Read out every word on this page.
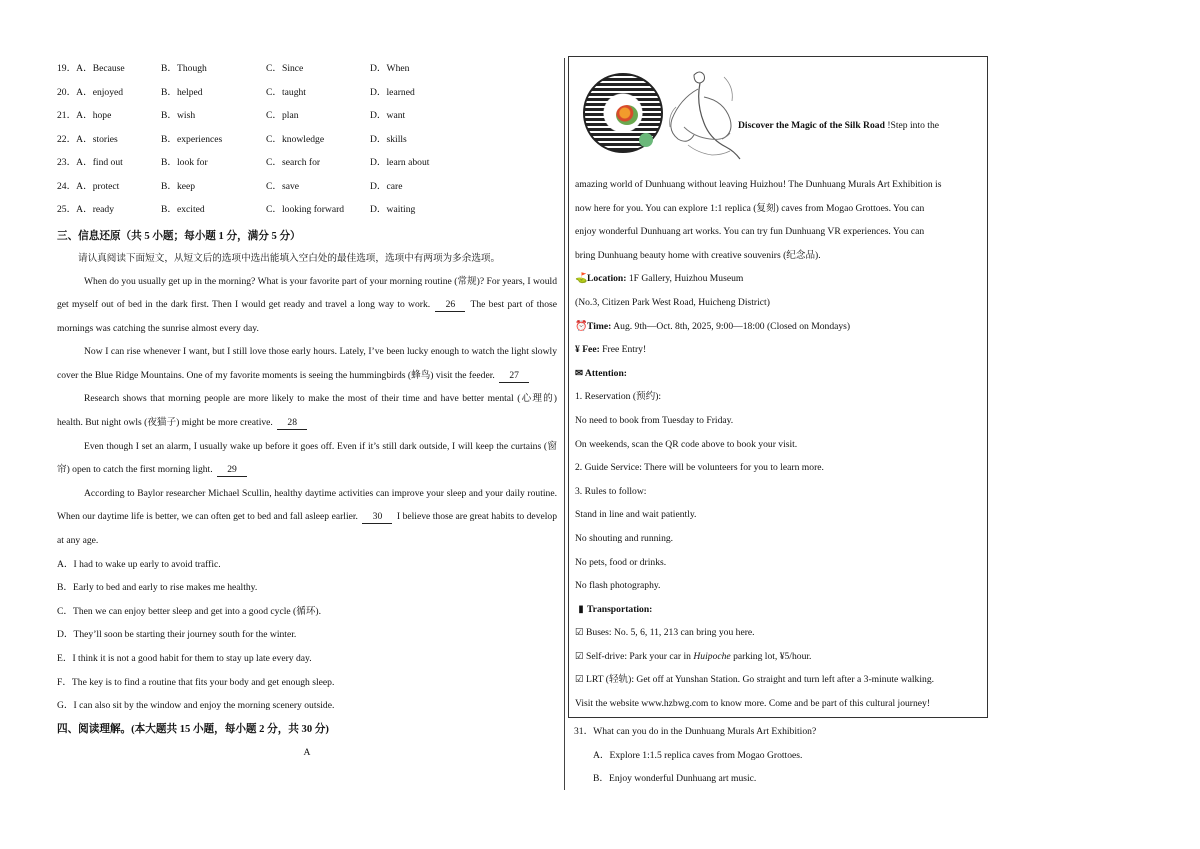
19．A．Because	B．Though	C．Since	D．When
20．A．enjoyed	B．helped	C．taught	D．learned
21．A．hope	B．wish	C．plan	D．want
22．A．stories	B．experiences	C．knowledge	D．skills
23．A．find out	B．look for	C．search for	D．learn about
24．A．protect	B．keep	C．save	D．care
25．A．ready	B．excited	C．looking forward	D．waiting
三、信息还原（共 5 小题；每小题 1 分，满分 5 分）
请认真阅读下面短文，从短文后的选项中选出能填入空白处的最佳选项，选项中有两项为多余选项。
When do you usually get up in the morning? What is your favorite part of your morning routine (常规)? For years, I would get myself out of bed in the dark first. Then I would get ready and travel a long way to work. 26 The best part of those mornings was catching the sunrise almost every day.
Now I can rise whenever I want, but I still love those early hours. Lately, I’ve been lucky enough to watch the light slowly cover the Blue Ridge Mountains. One of my favorite moments is seeing the hummingbirds (蜂鸟) visit the feeder. 27
Research shows that morning people are more likely to make the most of their time and have better mental (心理的) health. But night owls (夜猫子) might be more creative. 28
Even though I set an alarm, I usually wake up before it goes off. Even if it’s still dark outside, I will keep the curtains (窗帘) open to catch the first morning light. 29
According to Baylor researcher Michael Scullin, healthy daytime activities can improve your sleep and your daily routine. When our daytime life is better, we can often get to bed and fall asleep earlier. 30 I believe those are great habits to develop at any age.
A．I had to wake up early to avoid traffic.
B．Early to bed and early to rise makes me healthy.
C．Then we can enjoy better sleep and get into a good cycle (循环).
D．They’ll soon be starting their journey south for the winter.
E．I think it is not a good habit for them to stay up late every day.
F．The key is to find a routine that fits your body and get enough sleep.
G．I can also sit by the window and enjoy the morning scenery outside.
四、阅读理解。(本大题共 15 小题，每小题 2 分，共 30 分)
A
Discover the Magic of the Silk Road !Step into the
amazing world of Dunhuang without leaving Huizhou! The Dunhuang Murals Art Exhibition is
now here for you. You can explore 1:1 replica (复刻) caves from Mogao Grottoes. You can
enjoy wonderful Dunhuang art works. You can try fun Dunhuang VR experiences. You can
bring Dunhuang beauty home with creative souvenirs (纪念品).
⛳Location: 1F Gallery, Huizhou Museum
(No.3, Citizen Park West Road, Huicheng District)
⏰Time: Aug. 9th—Oct. 8th, 2025, 9:00—18:00 (Closed on Mondays)
¥ Fee: Free Entry!
✉ Attention:
1. Reservation (预约):
No need to book from Tuesday to Friday.
On weekends, scan the QR code above to book your visit.
2. Guide Service: There will be volunteers for you to learn more.
3. Rules to follow:
Stand in line and wait patiently.
No shouting and running.
No pets, food or drinks.
No flash photography.
▮ Transportation:
☑ Buses: No. 5, 6, 11, 213 can bring you here.
☑ Self-drive: Park your car in Huipoche parking lot, ¥5/hour.
☑ LRT (轻轨): Get off at Yunshan Station. Go straight and turn left after a 3-minute walking.
Visit the website www.hzbwg.com to know more. Come and be part of this cultural journey!
31．What can you do in the Dunhuang Murals Art Exhibition?
A．Explore 1:1.5 replica caves from Mogao Grottoes.
B．Enjoy wonderful Dunhuang art music.
